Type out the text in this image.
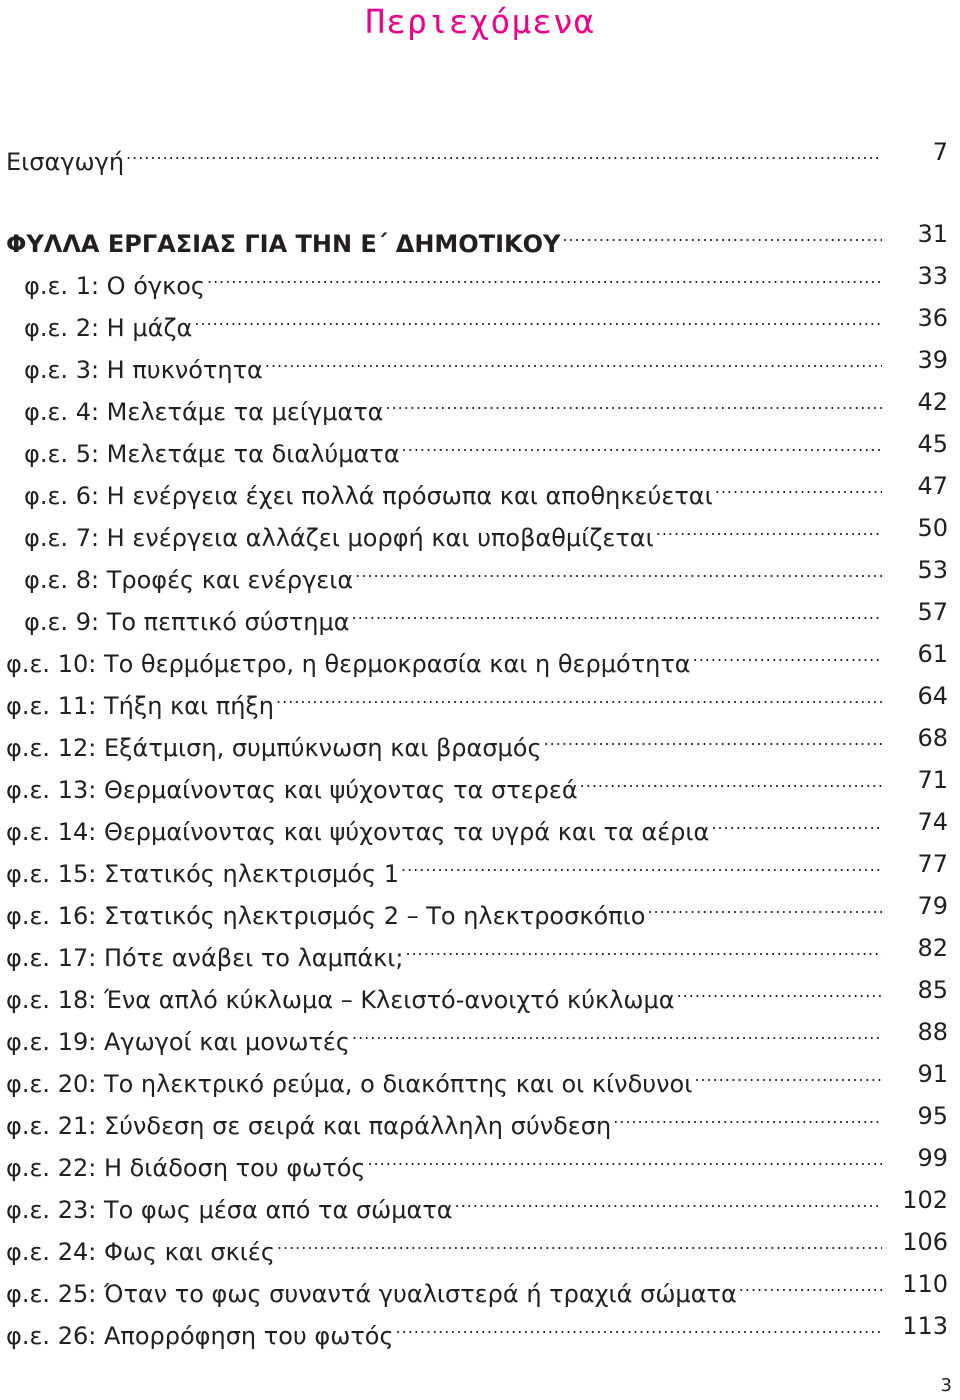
Περιεχόμενα
Εισαγωγή .....	7
ΦΥΛΛΑ ΕΡΓΑΣΙΑΣ ΓΙΑ ΤΗΝ Ε΄ ΔΗΜΟΤΙΚΟΥ .....	31
φ.ε. 1: Ο όγκος .....	33
φ.ε. 2: Η μάζα .....	36
φ.ε. 3: Η πυκνότητα .....	39
φ.ε. 4: Μελετάμε τα μείγματα .....	42
φ.ε. 5: Μελετάμε τα διαλύματα .....	45
φ.ε. 6: Η ενέργεια έχει πολλά πρόσωπα και αποθηκεύεται .....	47
φ.ε. 7: Η ενέργεια αλλάζει μορφή και υποβαθμίζεται .....	50
φ.ε. 8: Τροφές και ενέργεια .....	53
φ.ε. 9: Το πεπτικό σύστημα .....	57
φ.ε. 10: Το θερμόμετρο, η θερμοκρασία και η θερμότητα .....	61
φ.ε. 11: Τήξη και πήξη .....	64
φ.ε. 12: Εξάτμιση, συμπύκνωση και βρασμός .....	68
φ.ε. 13: Θερμαίνοντας και ψύχοντας τα στερεά .....	71
φ.ε. 14: Θερμαίνοντας και ψύχοντας τα υγρά και τα αέρια .....	74
φ.ε. 15: Στατικός ηλεκτρισμός 1 .....	77
φ.ε. 16: Στατικός ηλεκτρισμός 2 – Το ηλεκτροσκόπιο .....	79
φ.ε. 17: Πότε ανάβει το λαμπάκι; .....	82
φ.ε. 18: Ένα απλό κύκλωμα – Κλειστό-ανοιχτό κύκλωμα .....	85
φ.ε. 19: Αγωγοί και μονωτές .....	88
φ.ε. 20: Το ηλεκτρικό ρεύμα, ο διακόπτης και οι κίνδυνοι .....	91
φ.ε. 21: Σύνδεση σε σειρά και παράλληλη σύνδεση .....	95
φ.ε. 22: Η διάδοση του φωτός .....	99
φ.ε. 23: Το φως μέσα από τα σώματα .....	102
φ.ε. 24: Φως και σκιές .....	106
φ.ε. 25: Όταν το φως συναντά γυαλιστερά ή τραχιά σώματα .....	110
φ.ε. 26: Απορρόφηση του φωτός .....	113
3
